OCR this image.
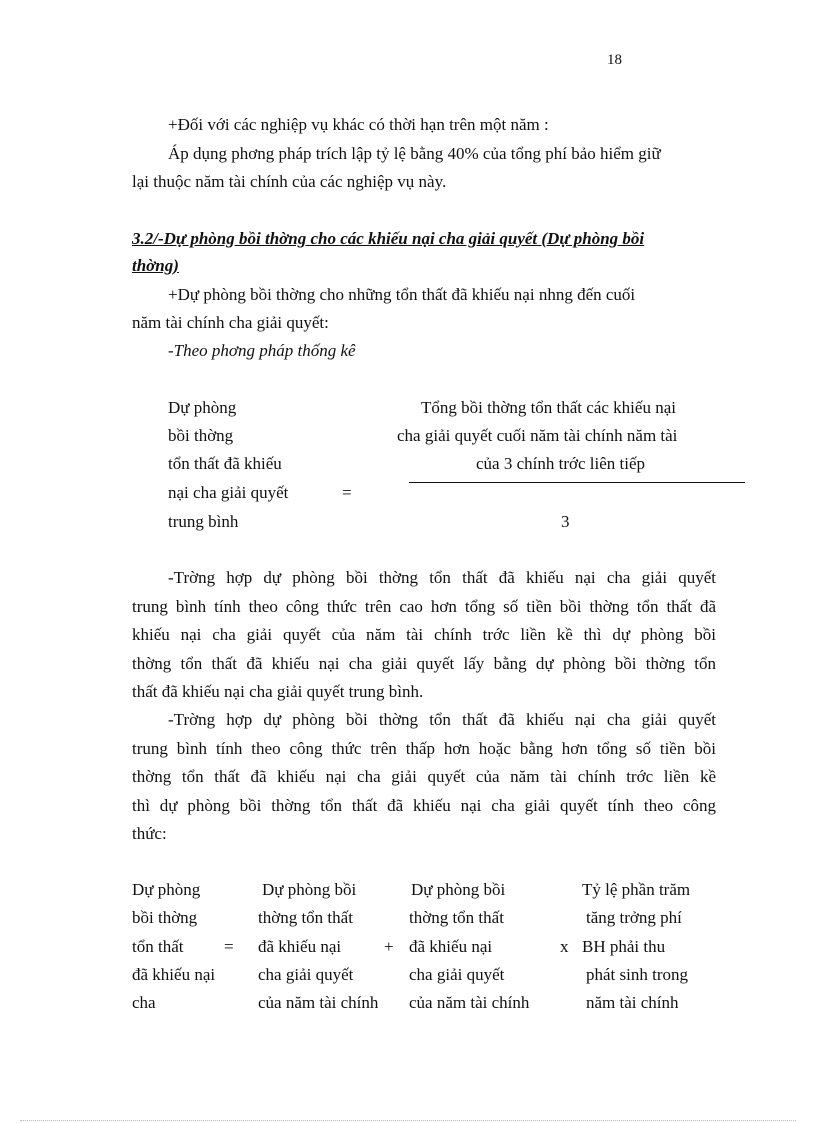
18
+Đối với các nghiệp vụ khác có thời hạn trên một năm :
Áp dụng phơng pháp trích lập tỷ lệ bằng 40% của tổng phí bảo hiểm giữ
lại thuộc năm tài chính của các nghiệp vụ này.
3.2/-Dự phòng bồi thờng cho các khiếu nại cha giải quyết (Dự phòng bồi
thờng)
+Dự phòng bồi thờng cho những tổn thất đã khiếu nại nhng đến cuối
năm tài chính cha giải quyết:
-Theo phơng pháp thống kê
Dự phòng
bồi thờng
tổn thất đã khiếu
nại cha giải quyết
trung bình
=
Tổng bồi thờng tổn thất các khiếu nại
cha giải quyết cuối năm tài chính năm tài
của 3 chính trớc liên tiếp
3
-Trờng hợp dự phòng bồi thờng tổn thất đã khiếu nại cha giải quyết
trung bình tính theo công thức trên cao hơn tổng số tiền bồi thờng tổn thất đã
khiếu nại cha giải quyết của năm tài chính trớc liền kề thì dự phòng bồi
thờng tổn thất đã khiếu nại cha giải quyết lấy bằng dự phòng bồi thờng tổn
thất đã khiếu nại cha giải quyết trung bình.
-Trờng hợp dự phòng bồi thờng tổn thất đã khiếu nại cha giải quyết
trung bình tính theo công thức trên thấp hơn hoặc bằng hơn tổng số tiền bồi
thờng tổn thất đã khiếu nại cha giải quyết của năm tài chính trớc liền kề
thì dự phòng bồi thờng tổn thất đã khiếu nại cha giải quyết tính theo công
thức:
Dự phòng
bồi thờng
tổn thất
đã khiếu nại
cha
=
Dự phòng bồi
thờng tổn thất
đã khiếu nại
cha giải quyết
của năm tài chính
+
Dự phòng bồi
thờng tổn thất
đã khiếu nại
cha giải quyết
của năm tài chính
x
Tỷ lệ phần trăm
tăng trởng phí
BH phải thu
phát sinh trong
năm tài chính
